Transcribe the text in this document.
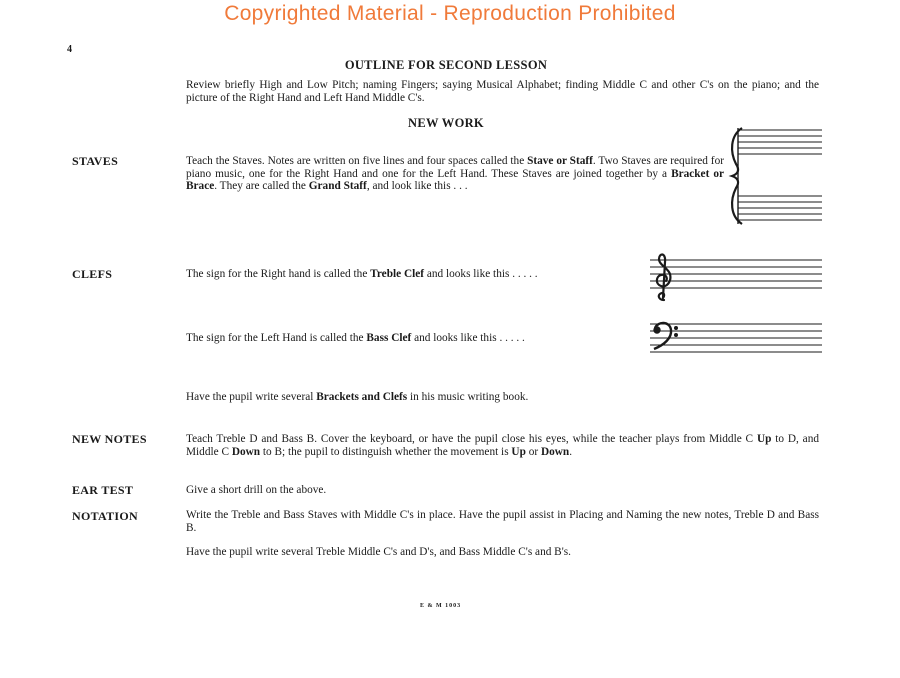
Copyrighted Material - Reproduction Prohibited
4
OUTLINE FOR SECOND LESSON
Review briefly High and Low Pitch; naming Fingers; saying Musical Alphabet; finding Middle C and other C's on the piano; and the picture of the Right Hand and Left Hand Middle C's.
NEW WORK
STAVES	Teach the Staves. Notes are written on five lines and four spaces called the Stave or Staff. Two Staves are required for piano music, one for the Right Hand and one for the Left Hand. These Staves are joined together by a Bracket or Brace. They are called the Grand Staff, and look like this . . .
CLEFS	The sign for the Right hand is called the Treble Clef and looks like this . . . . .
The sign for the Left Hand is called the Bass Clef and looks like this . . . . .
Have the pupil write several Brackets and Clefs in his music writing book.
NEW NOTES	Teach Treble D and Bass B. Cover the keyboard, or have the pupil close his eyes, while the teacher plays from Middle C Up to D, and Middle C Down to B; the pupil to distinguish whether the movement is Up or Down.
EAR TEST	Give a short drill on the above.
NOTATION	Write the Treble and Bass Staves with Middle C's in place. Have the pupil assist in Placing and Naming the new notes, Treble D and Bass B.
Have the pupil write several Treble Middle C's and D's, and Bass Middle C's and B's.
E & M 1003
